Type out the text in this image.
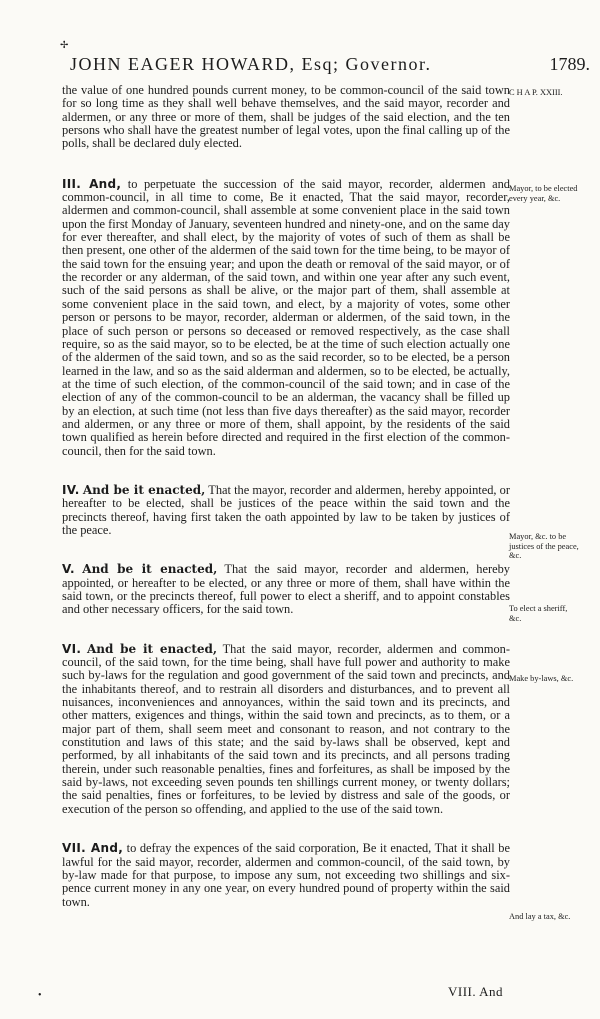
JOHN EAGER HOWARD, Esq; Governor.	1789.

the value of one hundred pounds current money, to be common-council of the said town for so long time as they shall well behave themselves, and the said mayor, recorder and aldermen, or any three or more of them, shall be judges of the said election, and the ten persons who shall have the greatest number of legal votes, upon the final calling up of the polls, shall be declared duly elected.

III. And, to perpetuate the succession of the said mayor, recorder, aldermen and common-council, in all time to come, Be it enacted, That the said mayor, recorder, aldermen and common-council, shall assemble at some convenient place in the said town upon the first Monday of January, seventeen hundred and ninety-one, and on the same day for ever thereafter, and shall elect, by the majority of votes of such of them as shall be then present, one other of the aldermen of the said town for the time being, to be mayor of the said town for the ensuing year; and upon the death or removal of the said mayor, or of the recorder or any alderman, of the said town, and within one year after any such event, such of the said persons as shall be alive, or the major part of them, shall assemble at some convenient place in the said town, and elect, by a majority of votes, some other person or persons to be mayor, recorder, alderman or aldermen, of the said town, in the place of such person or persons so deceased or removed respectively, as the case shall require, so as the said mayor, so to be elected, be at the time of such election actually one of the aldermen of the said town, and so as the said recorder, so to be elected, be a person learned in the law, and so as the said alderman and aldermen, so to be elected, be actually, at the time of such election, of the common-council of the said town; and in case of the election of any of the common-council to be an alderman, the vacancy shall be filled up by an election, at such time (not less than five days thereafter) as the said mayor, recorder and aldermen, or any three or more of them, shall appoint, by the residents of the said town qualified as herein before directed and required in the first election of the common-council, then for the said town.

IV. And be it enacted, That the mayor, recorder and aldermen, hereby appointed, or hereafter to be elected, shall be justices of the peace within the said town and the precincts thereof, having first taken the oath appointed by law to be taken by justices of the peace.

V. And be it enacted, That the said mayor, recorder and aldermen, hereby appointed, or hereafter to be elected, or any three or more of them, shall have within the said town, or the precincts thereof, full power to elect a sheriff, and to appoint constables and other necessary officers, for the said town.

VI. And be it enacted, That the said mayor, recorder, aldermen and common-council, of the said town, for the time being, shall have full power and authority to make such by-laws for the regulation and good government of the said town and precincts, and the inhabitants thereof, and to restrain all disorders and disturbances, and to prevent all nuisances, inconveniences and annoyances, within the said town and its precincts, and other matters, exigences and things, within the said town and precincts, as to them, or a major part of them, shall seem meet and consonant to reason, and not contrary to the constitution and laws of this state; and the said by-laws shall be observed, kept and performed, by all inhabitants of the said town and its precincts, and all persons trading therein, under such reasonable penalties, fines and forfeitures, as shall be imposed by the said by-laws, not exceeding seven pounds ten shillings current money, or twenty dollars; the said penalties, fines or forfeitures, to be levied by distress and sale of the goods, or execution of the person so offending, and applied to the use of the said town.

VII. And, to defray the expences of the said corporation, Be it enacted, That it shall be lawful for the said mayor, recorder, aldermen and common-council, of the said town, by by-law made for that purpose, to impose any sum, not exceeding two shillings and six-pence current money in any one year, on every hundred pound of property within the said town.

C H A P. XXIII.
Mayor, to be elected every year, &c.
Mayor, &c. to be justices of the peace, &c.
To elect a sheriff, &c.
Make by-laws, &c.
And lay a tax, &c.
VIII. And
✢
•
